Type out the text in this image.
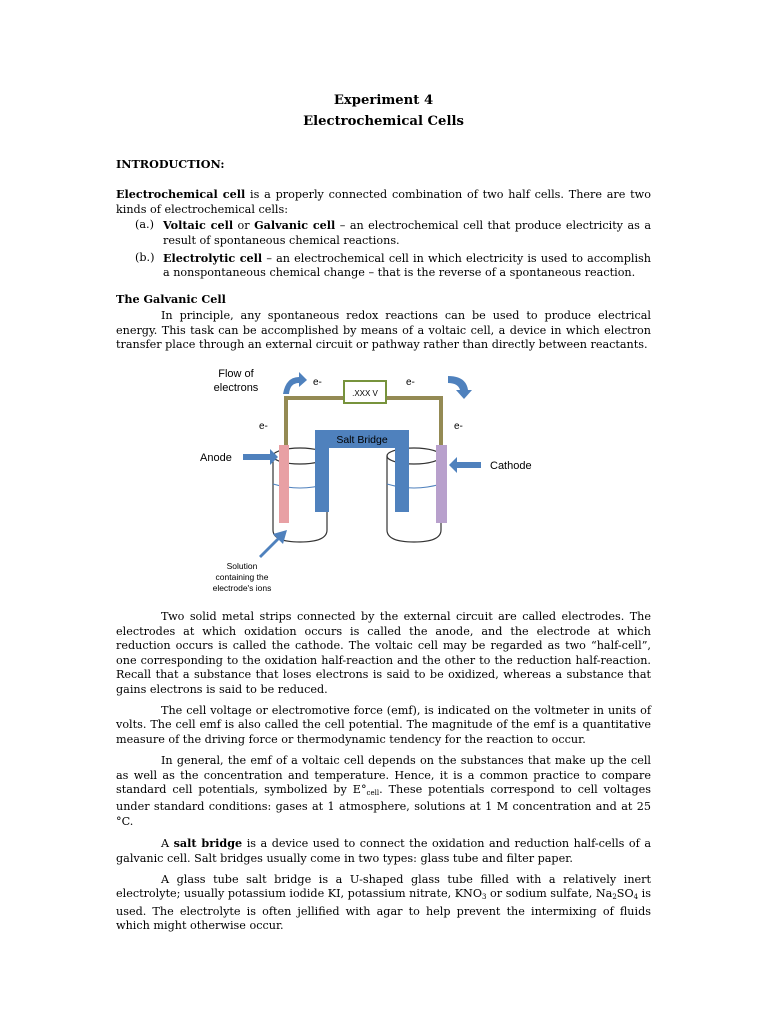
Experiment 4
Electrochemical Cells
INTRODUCTION:

Electrochemical cell is a properly connected combination of two half cells. There are two kinds of electrochemical cells:

(a.) Voltaic cell or Galvanic cell – an electrochemical cell that produce electricity as a result of spontaneous chemical reactions.
(b.) Electrolytic cell – an electrochemical cell in which electricity is used to accomplish a nonspontaneous chemical change – that is the reverse of a spontaneous reaction.
The Galvanic Cell

In principle, any spontaneous redox reactions can be used to produce electrical energy. This task can be accomplished by means of a voltaic cell, a device in which electron transfer place through an external circuit or pathway rather than directly between reactants.

.XXX V
Flow of
electrons	e-	e-
e-	e-
Salt Bridge
Anode
Cathode
Solution
containing the
electrode's ions

Two solid metal strips connected by the external circuit are called electrodes. The electrodes at which oxidation occurs is called the anode, and the electrode at which reduction occurs is called the cathode. The voltaic cell may be regarded as two “half-cell”, one corresponding to the oxidation half-reaction and the other to the reduction half-reaction. Recall that a substance that loses electrons is said to be oxidized, whereas a substance that gains electrons is said to be reduced.

The cell voltage or electromotive force (emf), is indicated on the voltmeter in units of volts. The cell emf is also called the cell potential. The magnitude of the emf is a quantitative measure of the driving force or thermodynamic tendency for the reaction to occur.

In general, the emf of a voltaic cell depends on the substances that make up the cell as well as the concentration and temperature. Hence, it is a common practice to compare standard cell potentials, symbolized by $E^\circ_{cell}$. These potentials correspond to cell voltages under standard conditions: gases at 1 atmosphere, solutions at 1 M concentration and at 25 °C.

A salt bridge is a device used to connect the oxidation and reduction half-cells of a galvanic cell. Salt bridges usually come in two types: glass tube and filter paper.

A glass tube salt bridge is a U-shaped glass tube filled with a relatively inert electrolyte; usually potassium iodide KI, potassium nitrate, $KNO_3$ or sodium sulfate, $Na_2SO_4$ is used. The electrolyte is often jellified with agar to help prevent the intermixing of fluids which might otherwise occur.
